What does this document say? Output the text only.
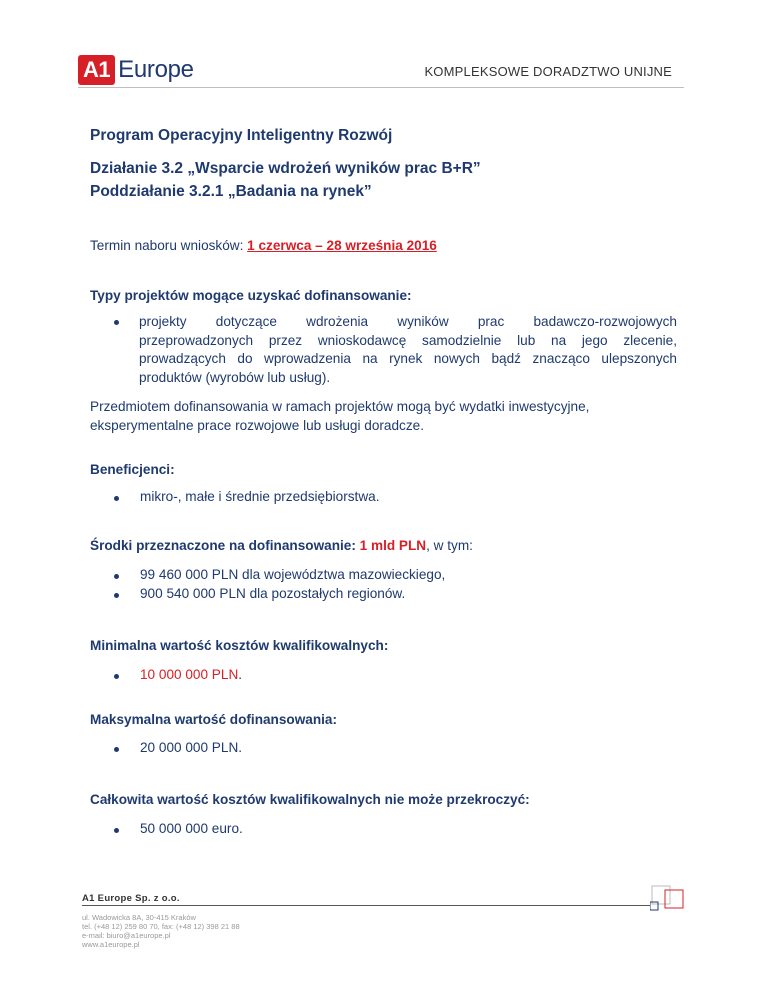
A1 Europe	KOMPLEKSOWE DORADZTWO UNIJNE
Program Operacyjny Inteligentny Rozwój
Działanie 3.2 „Wsparcie wdrożeń wyników prac B+R”
Poddziałanie 3.2.1 „Badania na rynek”
Termin naboru wniosków: 1 czerwca – 28 września 2016
Typy projektów mogące uzyskać dofinansowanie:
projekty dotyczące wdrożenia wyników prac badawczo-rozwojowych
przeprowadzonych przez wnioskodawcę samodzielnie lub na jego zlecenie,
prowadzących do wprowadzenia na rynek nowych bądź znacząco ulepszonych
produktów (wyrobów lub usług).
Przedmiotem dofinansowania w ramach projektów mogą być wydatki inwestycyjne,
eksperymentalne prace rozwojowe lub usługi doradcze.
Beneficjenci:
mikro-, małe i średnie przedsiębiorstwa.
Środki przeznaczone na dofinansowanie: 1 mld PLN, w tym:
99 460 000 PLN dla województwa mazowieckiego,
900 540 000 PLN dla pozostałych regionów.
Minimalna wartość kosztów kwalifikowalnych:
10 000 000 PLN.
Maksymalna wartość dofinansowania:
20 000 000 PLN.
Całkowita wartość kosztów kwalifikowalnych nie może przekroczyć:
50 000 000 euro.
A1 Europe Sp. z o.o.
ul. Wadowicka 8A, 30-415 Kraków
tel. (+48 12) 259 80 70, fax: (+48 12) 398 21 88
e-mail: biuro@a1europe.pl
www.a1europe.pl
